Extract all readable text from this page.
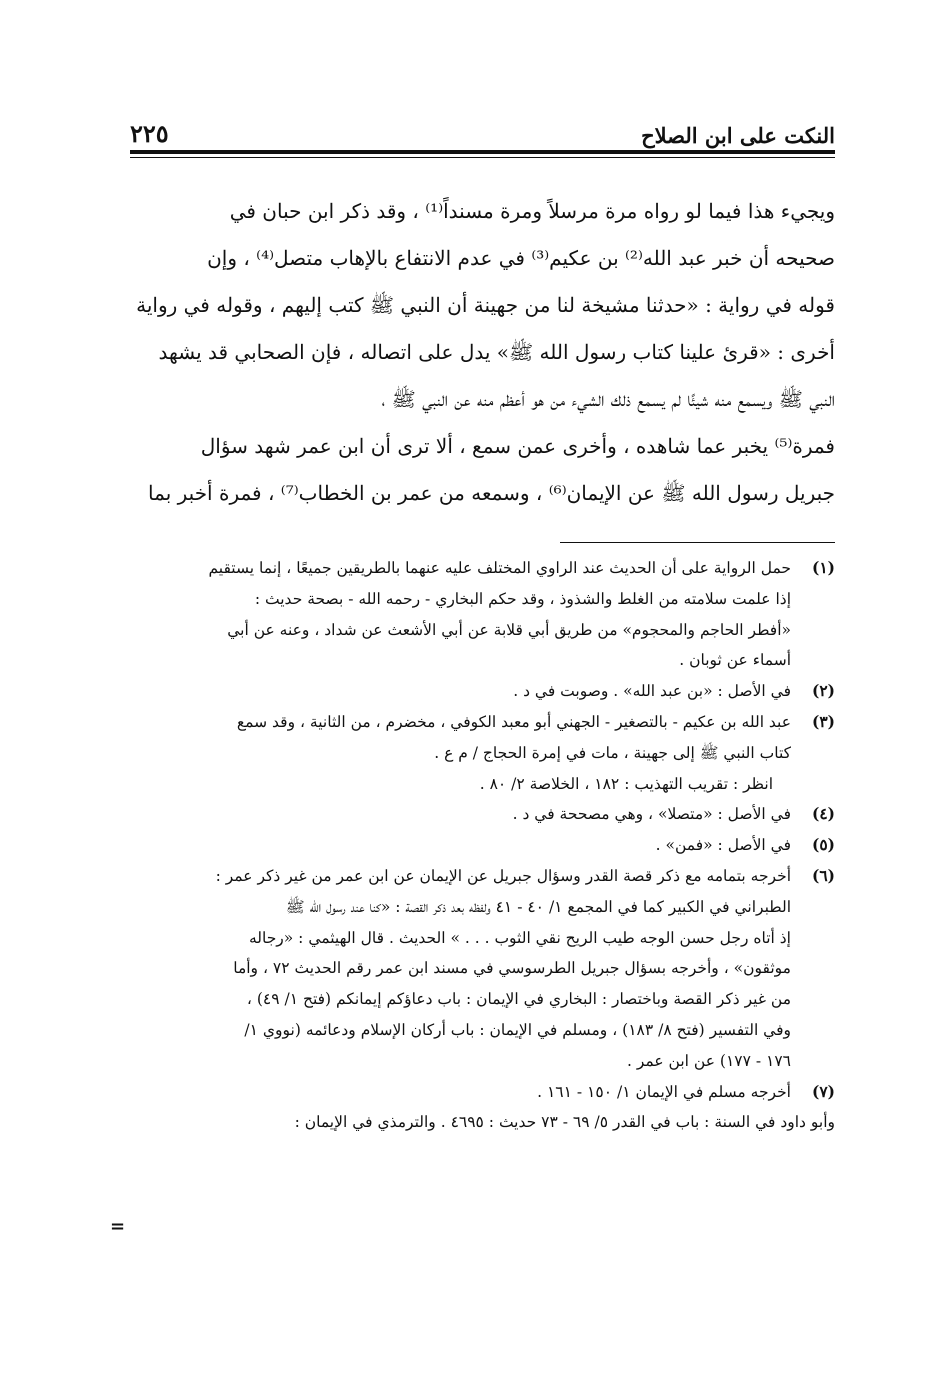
النكت على ابن الصلاح
٢٢٥
ويجيء هذا فيما لو رواه مرة مرسلاً ومرة مسنداً⁽¹⁾ ، وقد ذكر ابن حبان في
صحيحه أن خبر عبد الله⁽²⁾ بن عكيم⁽³⁾ في عدم الانتفاع بالإهاب متصل⁽⁴⁾ ، وإن
قوله في رواية : «حدثنا مشيخة لنا من جهينة أن النبي ﷺ كتب إليهم ، وقوله في رواية
أخرى : «قرئ علينا كتاب رسول الله ﷺ» يدل على اتصاله ، فإن الصحابي قد يشهد
النبي ﷺ ويسمع منه شيئًا لم يسمع ذلك الشيء من هو أعظم منه عن النبي ﷺ ،
فمرة⁽⁵⁾ يخبر عما شاهده ، وأخرى عمن سمع ، ألا ترى أن ابن عمر شهد سؤال
جبريل رسول الله ﷺ عن الإيمان⁽⁶⁾ ، وسمعه من عمر بن الخطاب⁽⁷⁾ ، فمرة أخبر بما
(١)
حمل الرواية على أن الحديث عند الراوي المختلف عليه عنهما بالطريقين جميعًا ، إنما يستقيم
إذا علمت سلامته من الغلط والشذوذ ، وقد حكم البخاري - رحمه الله - بصحة حديث :
«أفطر الحاجم والمحجوم» من طريق أبي قلابة عن أبي الأشعث عن شداد ، وعنه عن أبي
أسماء عن ثوبان .
(٢)
في الأصل : «بن عبد الله» . وصوبت في د .
(٣)
عبد الله بن عكيم - بالتصغير - الجهني أبو معبد الكوفي ، مخضرم ، من الثانية ، وقد سمع
كتاب النبي ﷺ إلى جهينة ، مات في إمرة الحجاج / م ع .
انظر : تقريب التهذيب : ١٨٢ ، الخلاصة ٢/ ٨٠ .
(٤)
في الأصل : «متصلا» ، وهي مصححة في د .
(٥)
في الأصل : «فمن» .
(٦)
أخرجه بتمامه مع ذكر قصة القدر وسؤال جبريل عن الإيمان عن ابن عمر من غير ذكر عمر :
الطبراني في الكبير كما في المجمع ١/ ٤٠ - ٤١ ولفظه بعد ذكر القصة : «كنا عند رسول الله ﷺ
إذ أتاه رجل حسن الوجه طيب الريح نقي الثوب . . . » الحديث . قال الهيثمي : «رجاله
موثقون» ، وأخرجه بسؤال جبريل الطرسوسي في مسند ابن عمر رقم الحديث ٧٢ ، وأما
من غير ذكر القصة وباختصار : البخاري في الإيمان : باب دعاؤكم إيمانكم (فتح ١/ ٤٩) ،
وفي التفسير (فتح ٨/ ١٨٣) ، ومسلم في الإيمان : باب أركان الإسلام ودعائمه (نووي ١/
١٧٦ - ١٧٧) عن ابن عمر .
(٧)
أخرجه مسلم في الإيمان ١/ ١٥٠ - ١٦١ .
وأبو داود في السنة : باب في القدر ٥/ ٦٩ - ٧٣ حديث : ٤٦٩٥ . والترمذي في الإيمان :
=
